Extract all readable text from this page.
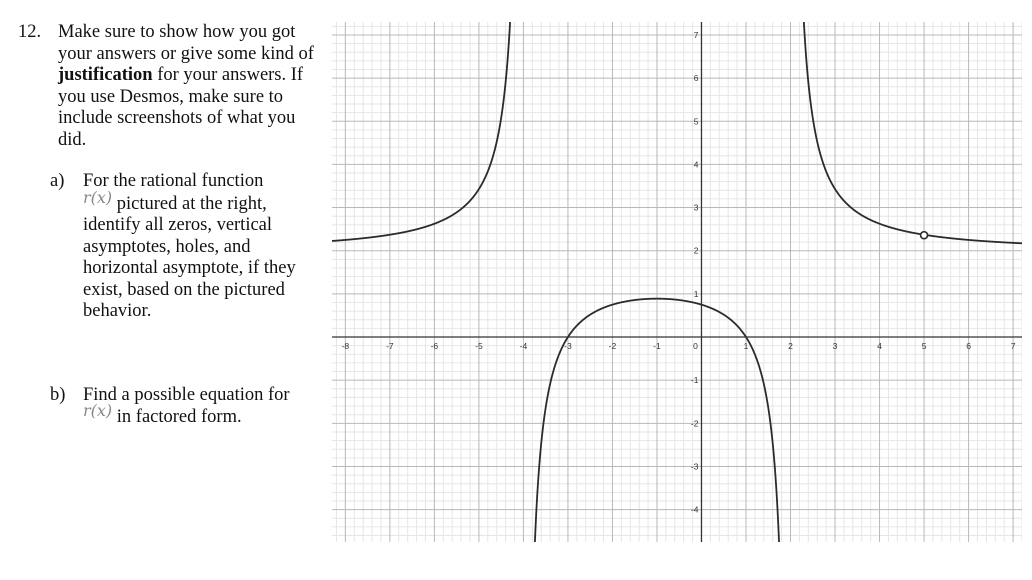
12. Make sure to show how you got your answers or give some kind of justification for your answers. If you use Desmos, make sure to include screenshots of what you did.
a)	For the rational function
r(x) pictured at the right, identify all zeros, vertical asymptotes, holes, and horizontal asymptote, if they exist, based on the pictured behavior.
b) Find a possible equation for r(x) in factored form.
-8	-7	-6	-5	-4	-3	-2	-1	0	1	2	3	4	5	6	7
-4
-3
-2
-1
1
2
3
4
5
6
7
